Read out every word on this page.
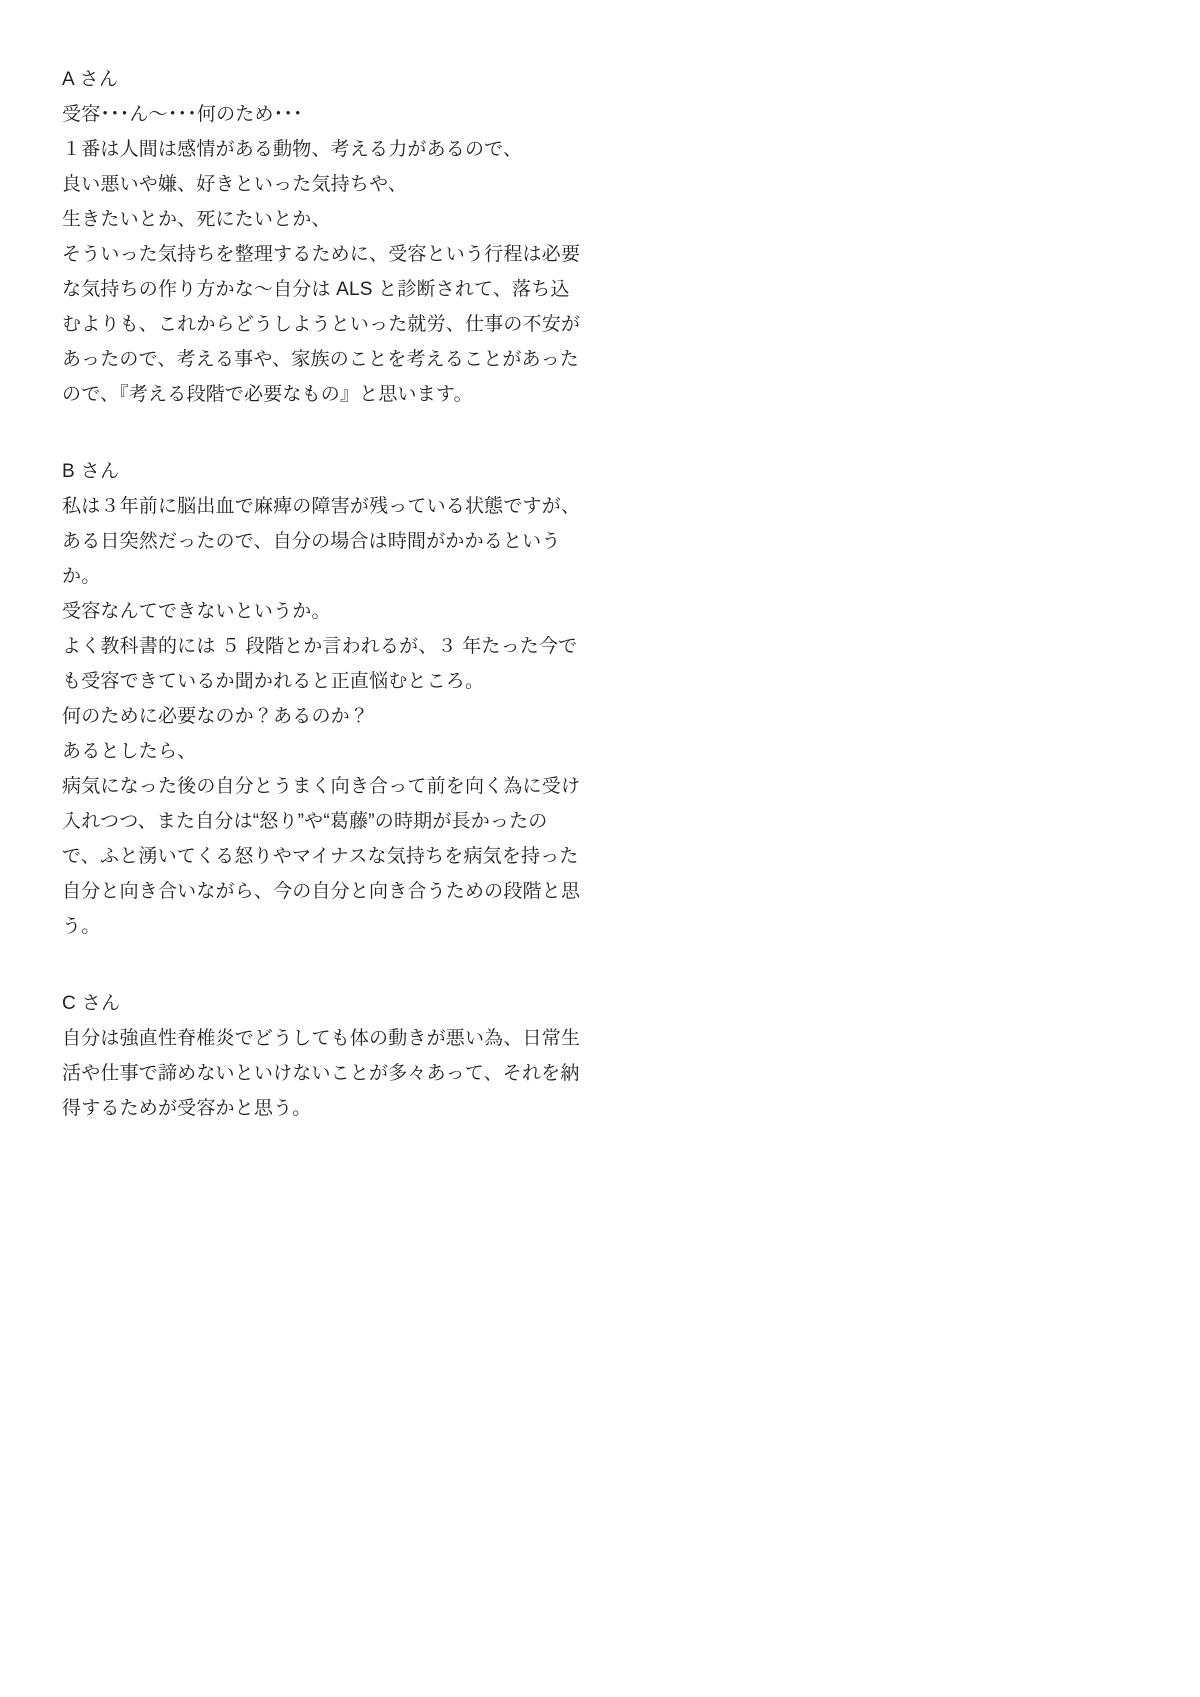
A さん
受容･･･ん〜･･･何のため･･･
１番は人間は感情がある動物、考える力があるので、
良い悪いや嫌、好きといった気持ちや、
生きたいとか、死にたいとか、
そういった気持ちを整理するために、受容という行程は必要な気持ちの作り方かな〜自分は ALS と診断されて、落ち込むよりも、これからどうしようといった就労、仕事の不安があったので、考える事や、家族のことを考えることがあったので、『考える段階で必要なもの』と思います。
B さん
私は３年前に脳出血で麻痺の障害が残っている状態ですが、ある日突然だったので、自分の場合は時間がかかるというか。
受容なんてできないというか。
よく教科書的には ５ 段階とか言われるが、３ 年たった今でも受容できているか聞かれると正直悩むところ。
何のために必要なのか？あるのか？
あるとしたら、
病気になった後の自分とうまく向き合って前を向く為に受け入れつつ、また自分は“怒り”や“葛藤”の時期が長かったので、ふと湧いてくる怒りやマイナスな気持ちを病気を持った自分と向き合いながら、今の自分と向き合うための段階と思う。
C さん
自分は強直性脊椎炎でどうしても体の動きが悪い為、日常生活や仕事で諦めないといけないことが多々あって、それを納得するためが受容かと思う。
